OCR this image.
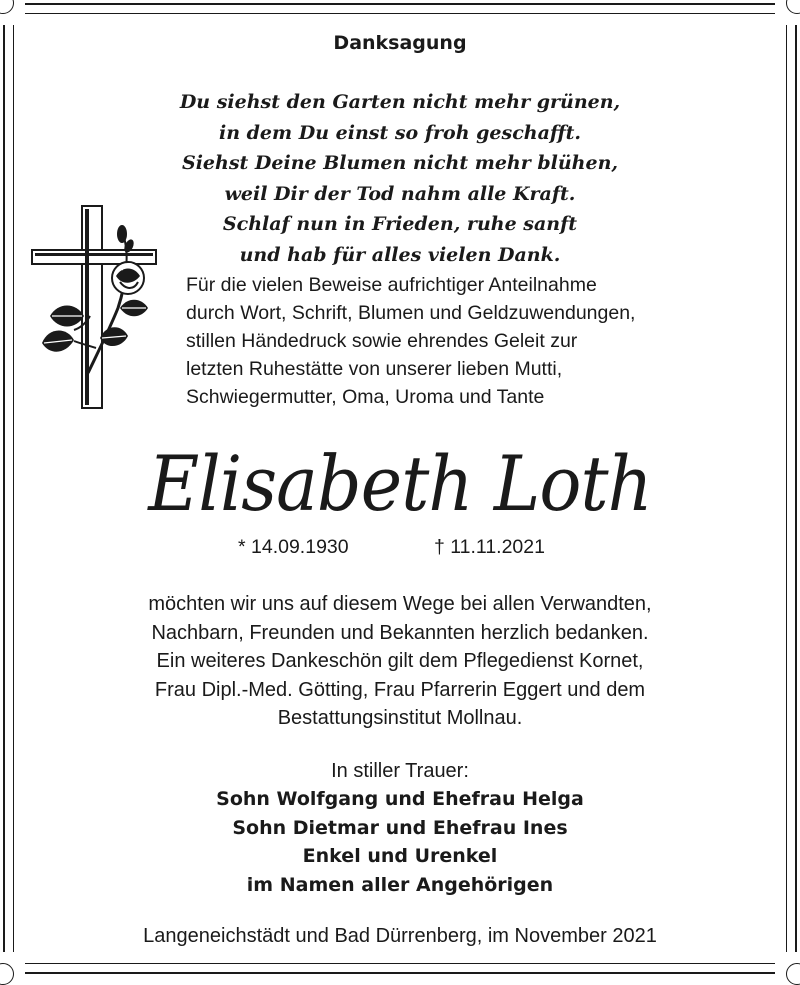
Danksagung
Du siehst den Garten nicht mehr grünen,
in dem Du einst so froh geschafft.
Siehst Deine Blumen nicht mehr blühen,
weil Dir der Tod nahm alle Kraft.
Schlaf nun in Frieden, ruhe sanft
und hab für alles vielen Dank.
Für die vielen Beweise aufrichtiger Anteilnahme
durch Wort, Schrift, Blumen und Geldzuwendungen,
stillen Händedruck sowie ehrendes Geleit zur
letzten Ruhestätte von unserer lieben Mutti,
Schwiegermutter, Oma, Uroma und Tante
Elisabeth Loth
* 14.09.1930	† 11.11.2021
möchten wir uns auf diesem Wege bei allen Verwandten,
Nachbarn, Freunden und Bekannten herzlich bedanken.
Ein weiteres Dankeschön gilt dem Pflegedienst Kornet,
Frau Dipl.-Med. Götting, Frau Pfarrerin Eggert und dem
Bestattungsinstitut Mollnau.
In stiller Trauer:
Sohn Wolfgang und Ehefrau Helga
Sohn Dietmar und Ehefrau Ines
Enkel und Urenkel
im Namen aller Angehörigen
Langeneichstädt und Bad Dürrenberg, im November 2021
